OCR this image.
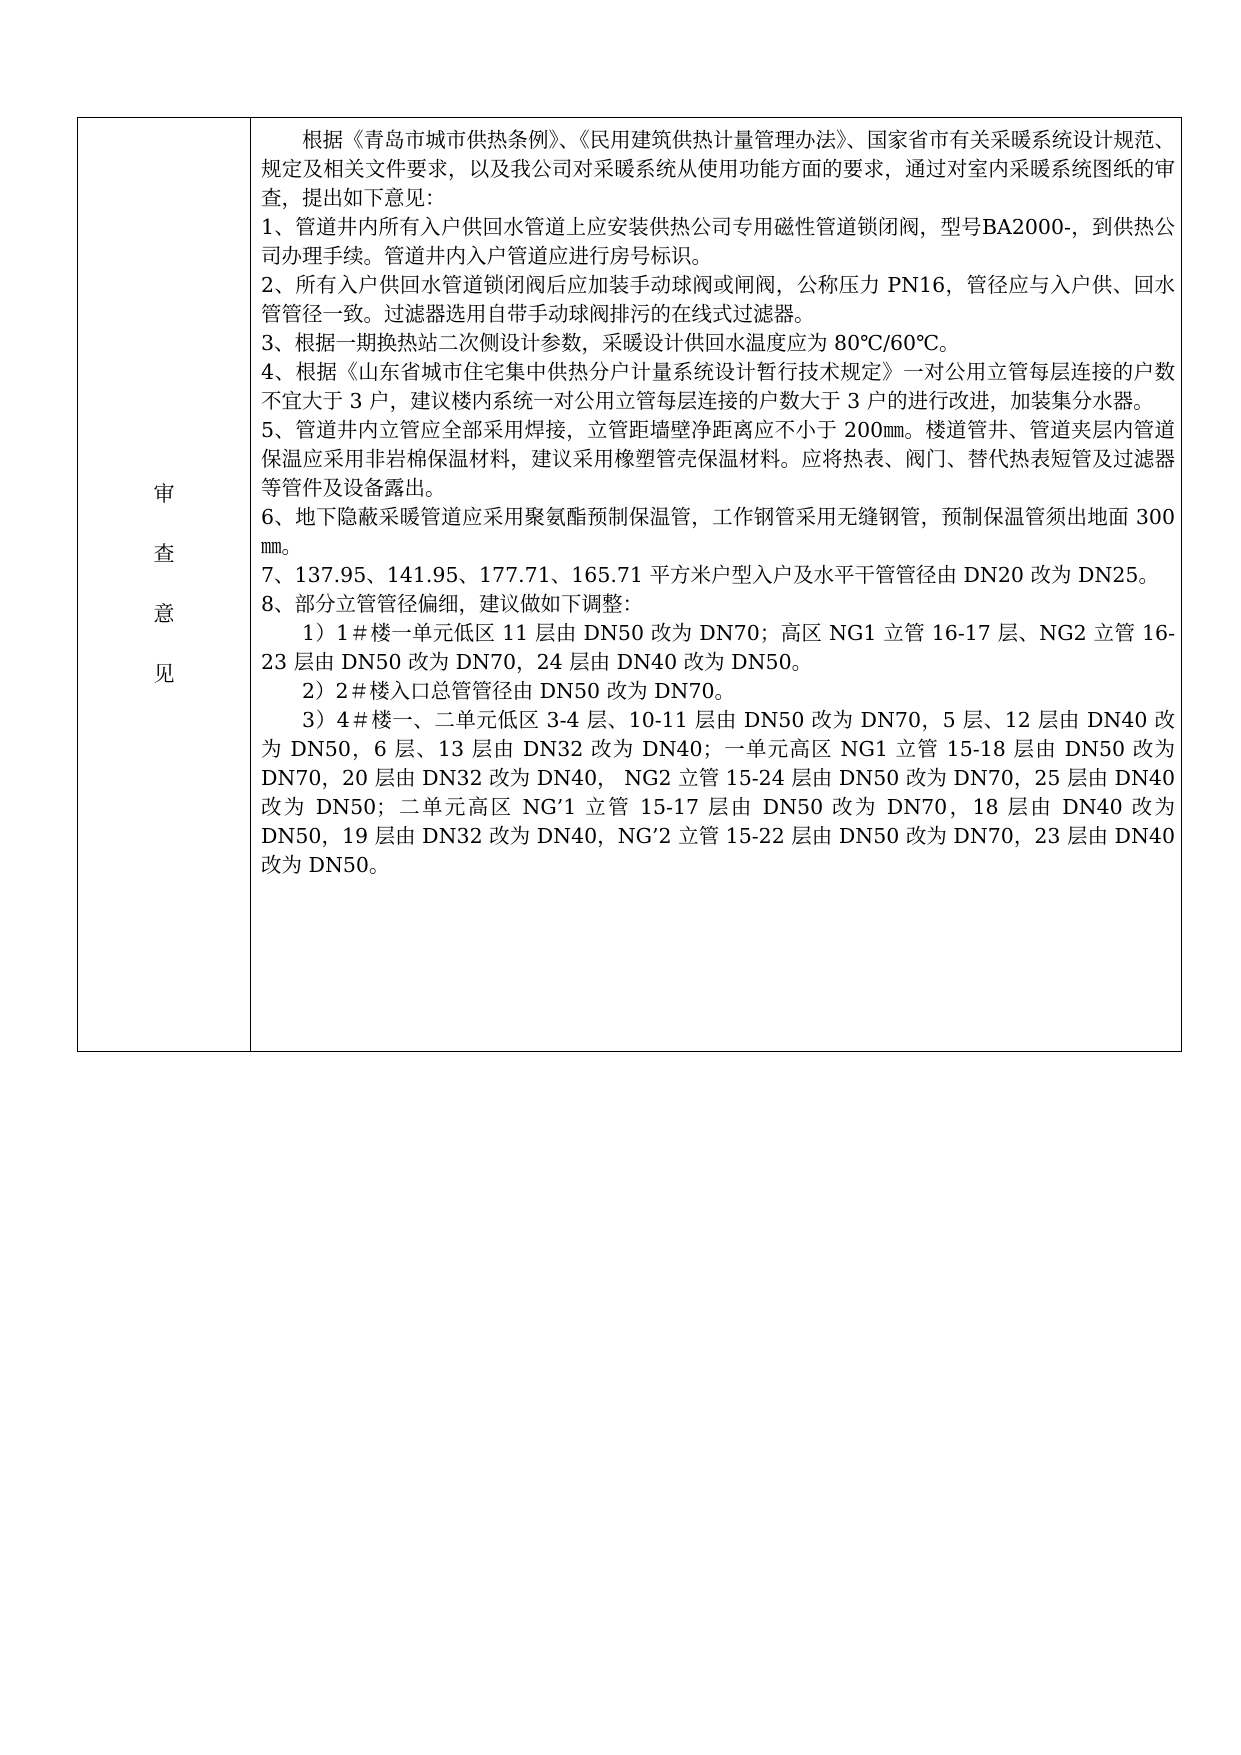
审
查
意
见

根据《青岛市城市供热条例》、《民用建筑供热计量管理办法》、国家省市有关采暖系统设计规范、规定及相关文件要求，以及我公司对采暖系统从使用功能方面的要求，通过对室内采暖系统图纸的审查，提出如下意见：

1、管道井内所有入户供回水管道上应安装供热公司专用磁性管道锁闭阀，型号BA2000-，到供热公司办理手续。管道井内入户管道应进行房号标识。

2、所有入户供回水管道锁闭阀后应加装手动球阀或闸阀，公称压力 PN16，管径应与入户供、回水管管径一致。过滤器选用自带手动球阀排污的在线式过滤器。

3、根据一期换热站二次侧设计参数，采暖设计供回水温度应为 80℃/60℃。

4、根据《山东省城市住宅集中供热分户计量系统设计暂行技术规定》一对公用立管每层连接的户数不宜大于 3 户，建议楼内系统一对公用立管每层连接的户数大于 3 户的进行改进，加装集分水器。

5、管道井内立管应全部采用焊接，立管距墙壁净距离应不小于 200㎜。楼道管井、管道夹层内管道保温应采用非岩棉保温材料，建议采用橡塑管壳保温材料。应将热表、阀门、替代热表短管及过滤器等管件及设备露出。

6、地下隐蔽采暖管道应采用聚氨酯预制保温管，工作钢管采用无缝钢管，预制保温管须出地面 300㎜。

7、137.95、141.95、177.71、165.71 平方米户型入户及水平干管管径由 DN20 改为 DN25。

8、部分立管管径偏细，建议做如下调整：

1）1＃楼一单元低区 11 层由 DN50 改为 DN70；高区 NG1 立管 16-17 层、NG2 立管 16-23 层由 DN50 改为 DN70，24 层由 DN40 改为 DN50。

2）2＃楼入口总管管径由 DN50 改为 DN70。

3）4＃楼一、二单元低区 3-4 层、10-11 层由 DN50 改为 DN70，5 层、12 层由 DN40 改为 DN50，6 层、13 层由 DN32 改为 DN40；一单元高区 NG1 立管 15-18 层由 DN50 改为 DN70，20 层由 DN32 改为 DN40， NG2 立管 15-24 层由 DN50 改为 DN70，25 层由 DN40 改为 DN50；二单元高区 NG’1 立管 15-17 层由 DN50 改为 DN70，18 层由 DN40 改为 DN50，19 层由 DN32 改为 DN40，NG’2 立管 15-22 层由 DN50 改为 DN70，23 层由 DN40 改为 DN50。
